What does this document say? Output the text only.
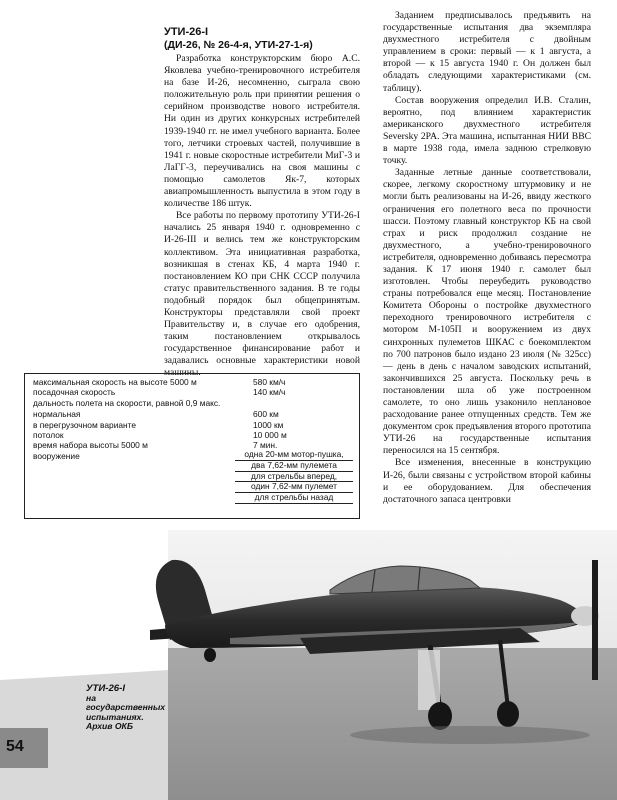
УТИ-26-I
(ДИ-26, № 26-4-я, УТИ-27-1-я)

Разработка конструкторским бюро А.С. Яковлева учебно-тренировочного истребителя на базе И-26, несомненно, сыграла свою положительную роль при принятии решения о серийном производстве нового истребителя. Ни один из других конкурсных истребителей 1939-1940 гг. не имел учебного варианта. Более того, летчики строевых частей, получившие в 1941 г. новые скоростные истребители МиГ-3 и ЛаГГ-3, переучивались на своя машины с помощью самолетов Як-7, которых авиапромышленность выпустила в этом году в количестве 186 штук.

Все работы по первому прототипу УТИ-26-I начались 25 января 1940 г. одновременно с И-26-III и велись тем же конструкторским коллективом. Эта инициативная разработка, возникшая в стенах КБ, 4 марта 1940 г. постановлением КО при СНК СССР получила статус правительственного задания. В те годы подобный порядок был общепринятым. Конструкторы представляли свой проект Правительству и, в случае его одобрения, таким постановлением открывалось государственное финансирование работ и задавались основные характеристики новой машины.

Заданием предписывалось предъявить на государственные испытания два экземпляра двухместного истребителя с двойным управлением в сроки: первый — к 1 августа, а второй — к 15 августа 1940 г. Он должен был обладать следующими характеристиками (см. таблицу).

Состав вооружения определил И.В. Сталин, вероятно, под влиянием характеристик американского двухместного истребителя Seversky 2PA. Эта машина, испытанная НИИ ВВС в марте 1938 года, имела заднюю стрелковую точку.

Заданные летные данные соответствовали, скорее, легкому скоростному штурмовику и не могли быть реализованы на И-26, ввиду жесткого ограничения его полетного веса по прочности шасси. Поэтому главный конструктор КБ на свой страх и риск продолжил создание не двухместного, а учебно-тренировочного истребителя, одновременно добиваясь пересмотра задания. К 17 июня 1940 г. самолет был изготовлен. Чтобы переубедить руководство страны потребовался еще месяц. Постановление Комитета Обороны о постройке двухместного переходного тренировочного истребителя с мотором М-105П и вооружением из двух синхронных пулеметов ШКАС с боекомплектом по 700 патронов было издано 23 июля (№ 325сс) — день в день с началом заводских испытаний, закончившихся 25 августа. Поскольку речь в постановлении шла об уже построенном самолете, то оно лишь узаконило неплановое расходование ранее отпущенных средств. Тем же документом срок предъявления второго прототипа УТИ-26 на государственные испытания переносился на 15 сентября.

Все изменения, внесенные в конструкцию И-26, были связаны с устройством второй кабины и ее оборудованием. Для обеспечения достаточного запаса центровки

максимальная скорость на высоте 5000 м	580 км/ч
посадочная скорость	140 км/ч
дальность полета на скорости, равной 0,9 макс.
нормальная	600 км
в перегрузочном варианте	1000 км
потолок	10 000 м
время набора высоты 5000 м	7 мин.
вооружение	одна 20-мм мотор-пушка,
два 7,62-мм пулемета
для стрельбы вперед,
один 7,62-мм пулемет
для стрельбы назад
УТИ-26-I
на государственных испытаниях. Архив ОКБ
54
